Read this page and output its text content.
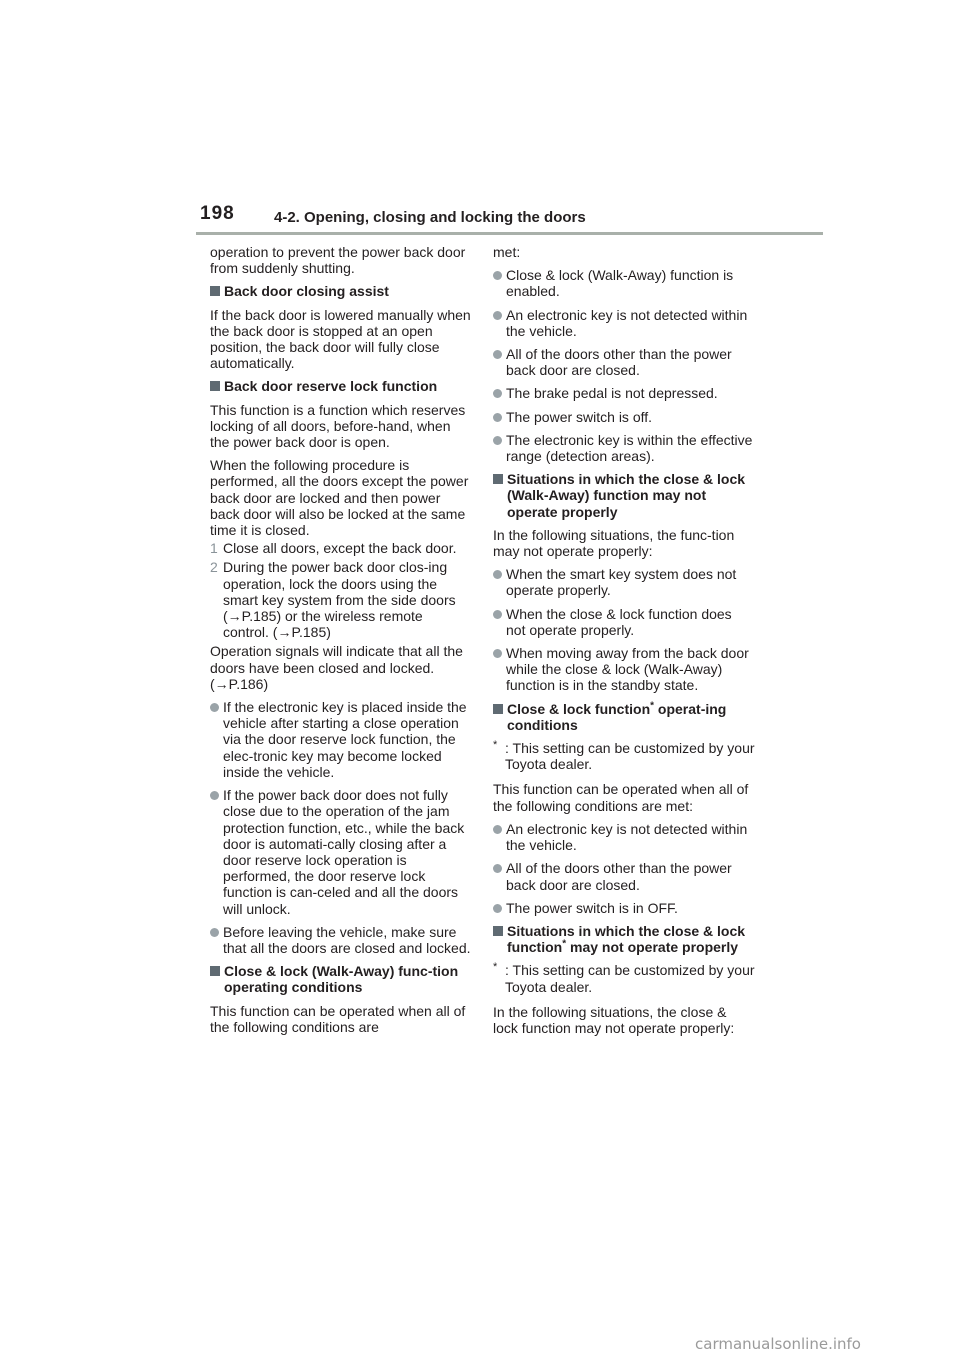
198	4-2. Opening, closing and locking the doors

operation to prevent the power back door from suddenly shutting.

Back door closing assist

If the back door is lowered manually when the back door is stopped at an open position, the back door will fully close automatically.

Back door reserve lock function

This function is a function which reserves locking of all doors, before-hand, when the power back door is open.

When the following procedure is performed, all the doors except the power back door are locked and then power back door will also be locked at the same time it is closed.

1 Close all doors, except the back door.

2 During the power back door clos-ing operation, lock the doors using the smart key system from the side doors (→P.185) or the wireless remote control. (→P.185)

Operation signals will indicate that all the doors have been closed and locked. (→P.186)

If the electronic key is placed inside the vehicle after starting a close operation via the door reserve lock function, the elec-tronic key may become locked inside the vehicle.

If the power back door does not fully close due to the operation of the jam protection function, etc., while the back door is automati-cally closing after a door reserve lock operation is performed, the door reserve lock function is can-celed and all the doors will unlock.

Before leaving the vehicle, make sure that all the doors are closed and locked.

Close & lock (Walk-Away) func-tion operating conditions

This function can be operated when all of the following conditions are

met:

Close & lock (Walk-Away) function is enabled.

An electronic key is not detected within the vehicle.

All of the doors other than the power back door are closed.

The brake pedal is not depressed.

The power switch is off.

The electronic key is within the effective range (detection areas).

Situations in which the close & lock (Walk-Away) function may not operate properly

In the following situations, the func-tion may not operate properly:

When the smart key system does not operate properly.

When the close & lock function does not operate properly.

When moving away from the back door while the close & lock (Walk-Away) function is in the standby state.

Close & lock function* operat-ing conditions

* : This setting can be customized by your Toyota dealer.

This function can be operated when all of the following conditions are met:

An electronic key is not detected within the vehicle.

All of the doors other than the power back door are closed.

The power switch is in OFF.

Situations in which the close & lock function* may not operate properly

* : This setting can be customized by your Toyota dealer.

In the following situations, the close & lock function may not operate properly:

carmanualsonline.info
